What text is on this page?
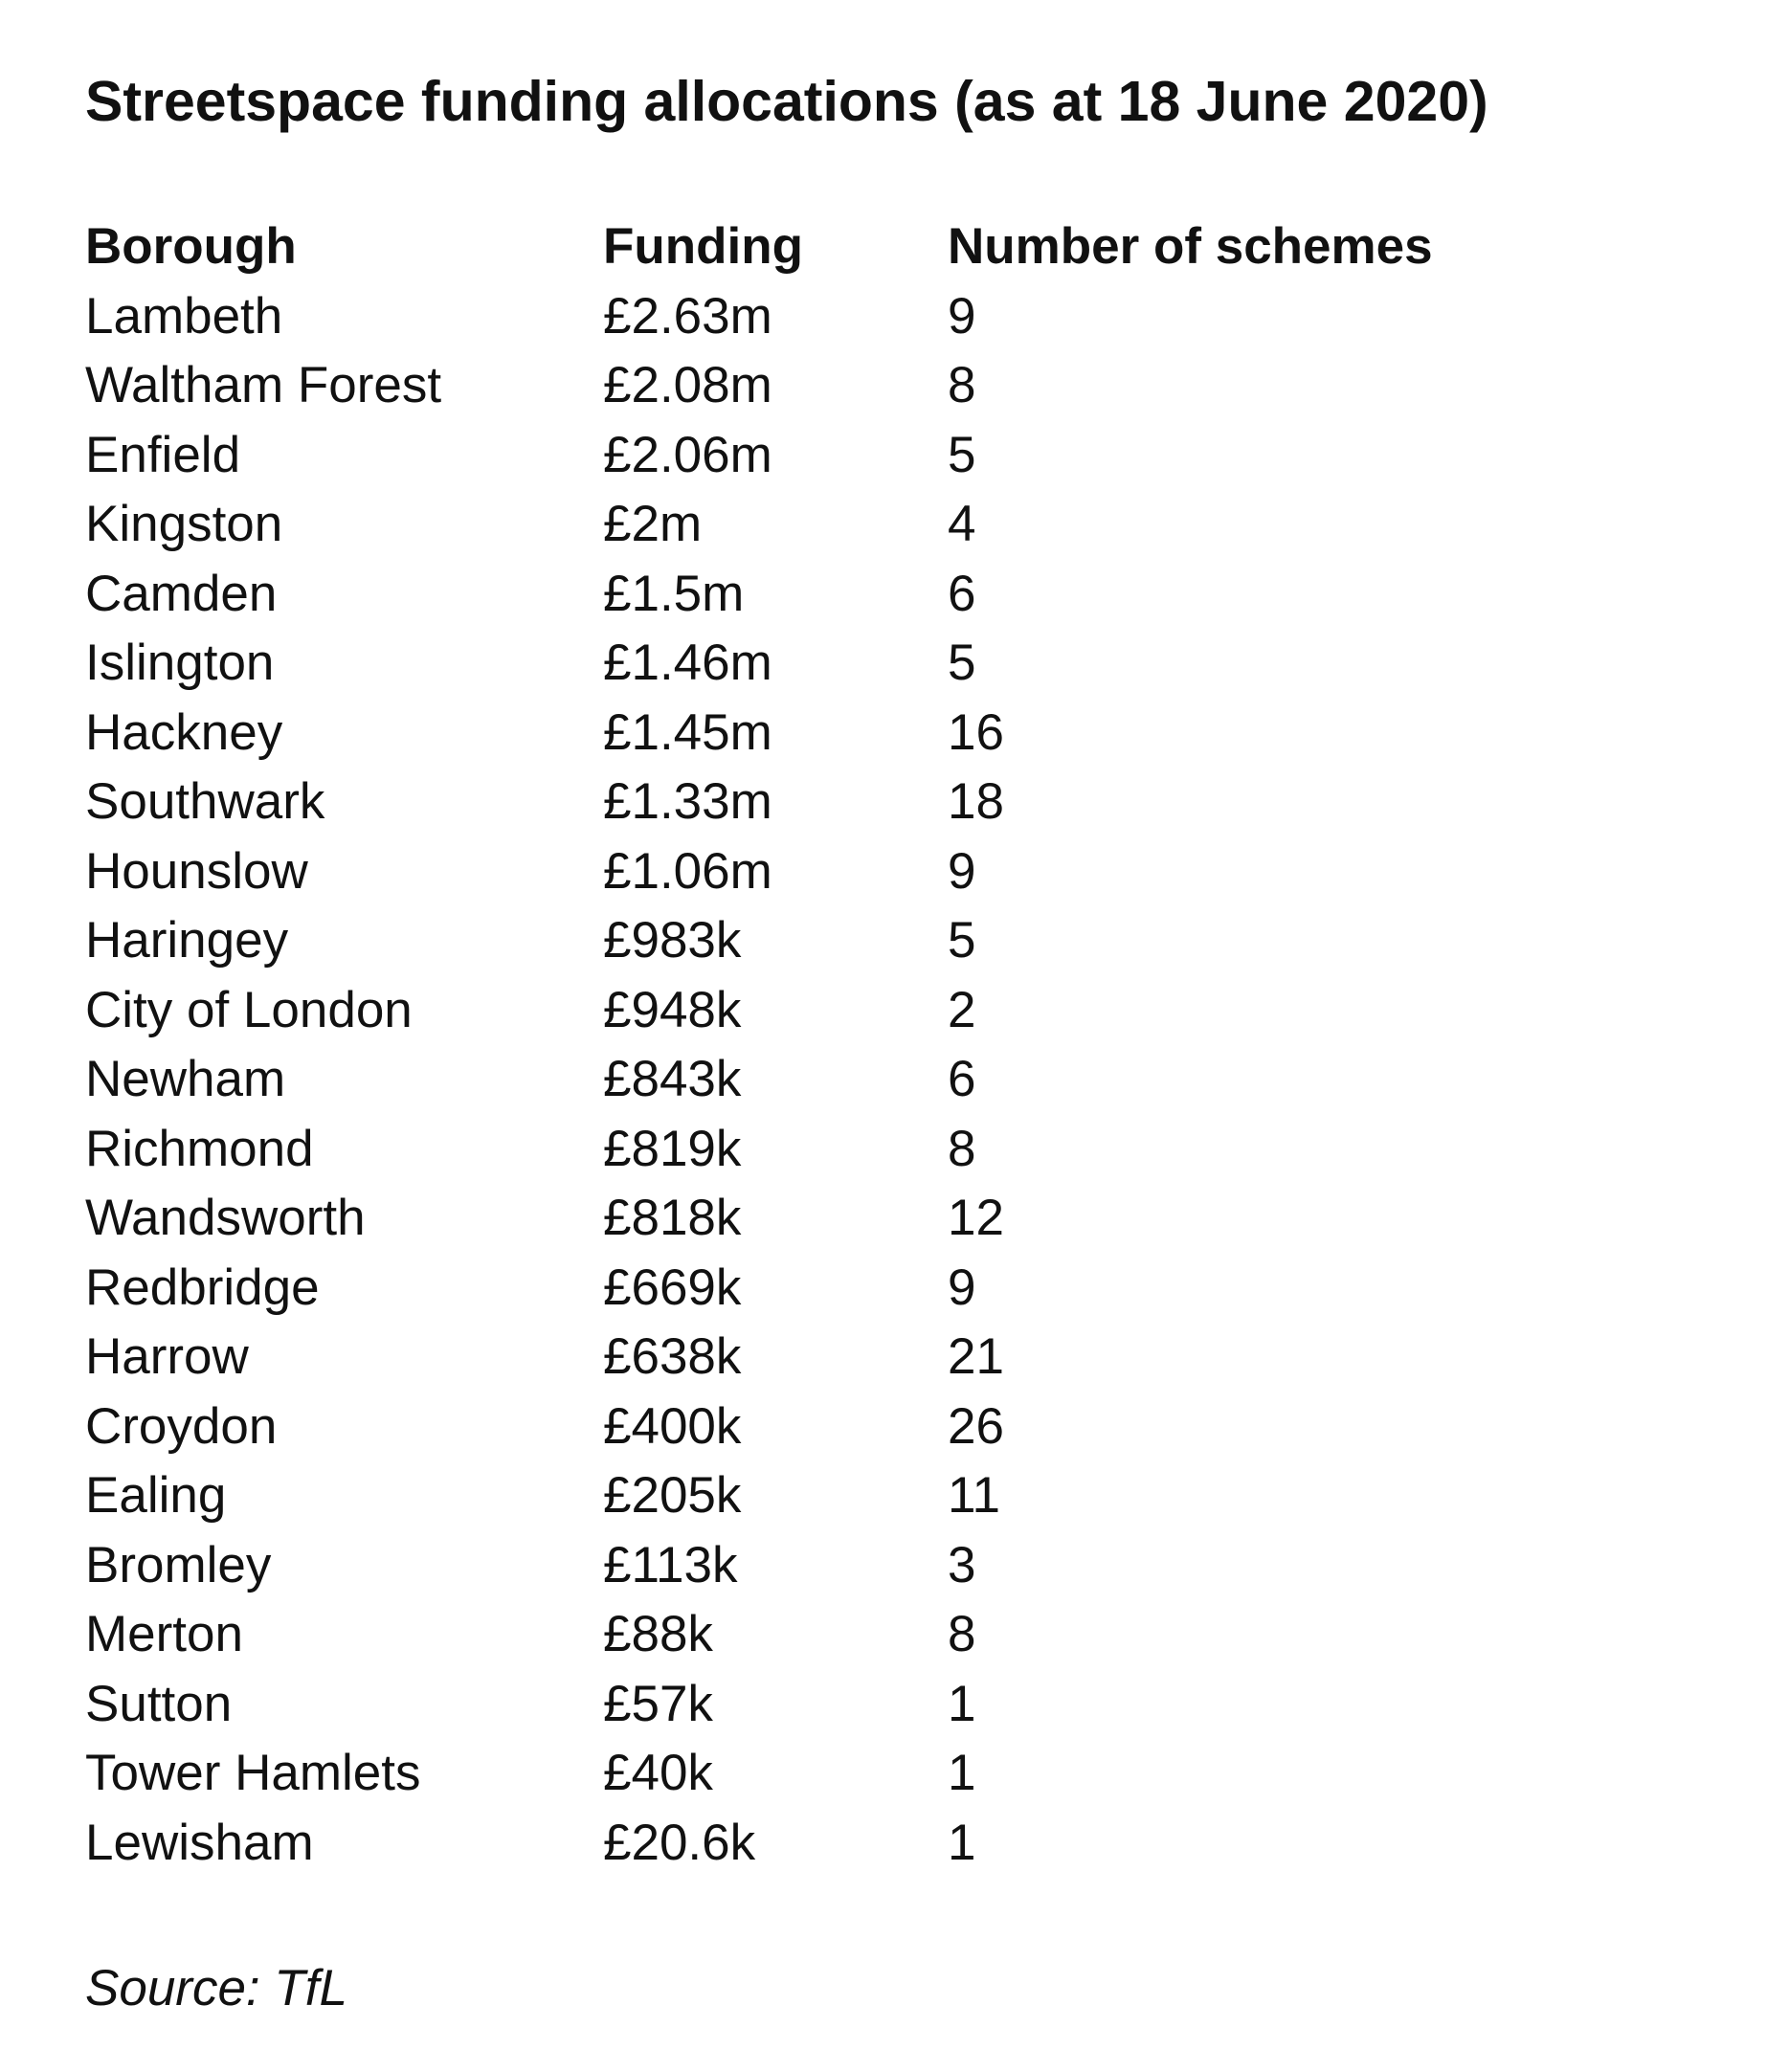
Streetspace funding allocations (as at 18 June 2020)
Borough	Funding	Number of schemes
Lambeth	£2.63m	9
Waltham Forest	£2.08m	8
Enfield	£2.06m	5
Kingston	£2m	4
Camden	£1.5m	6
Islington	£1.46m	5
Hackney	£1.45m	16
Southwark	£1.33m	18
Hounslow	£1.06m	9
Haringey	£983k	5
City of London	£948k	2
Newham	£843k	6
Richmond	£819k	8
Wandsworth	£818k	12
Redbridge	£669k	9
Harrow	£638k	21
Croydon	£400k	26
Ealing	£205k	11
Bromley	£113k	3
Merton	£88k	8
Sutton	£57k	1
Tower Hamlets	£40k	1
Lewisham	£20.6k	1
Source: TfL
